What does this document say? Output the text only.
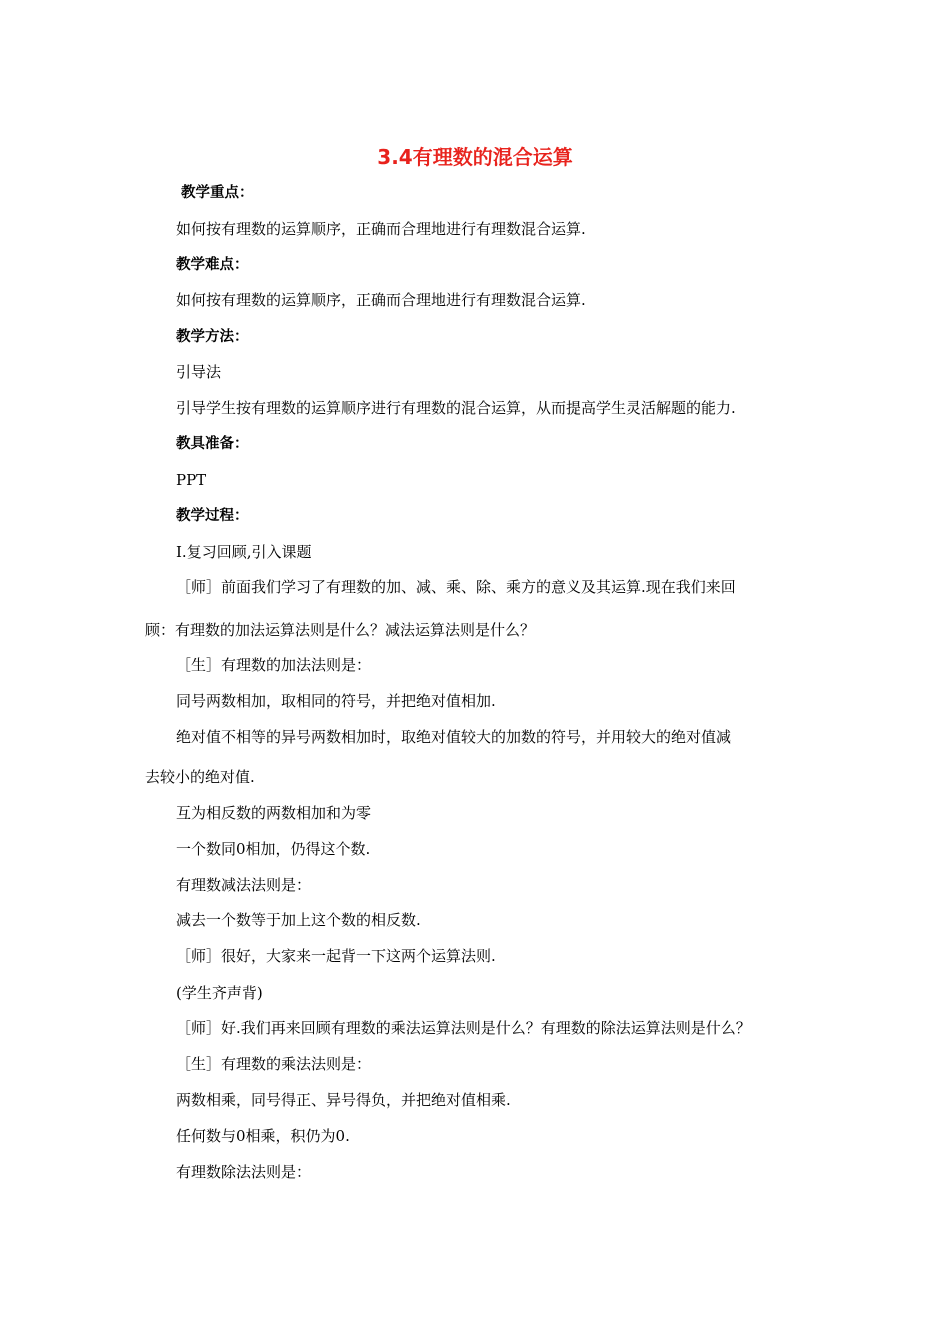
3.4有理数的混合运算
教学重点：
如何按有理数的运算顺序，正确而合理地进行有理数混合运算.
教学难点：
如何按有理数的运算顺序，正确而合理地进行有理数混合运算.
教学方法：
引导法
引导学生按有理数的运算顺序进行有理数的混合运算，从而提高学生灵活解题的能力.
教具准备：
PPT
教学过程：
Ⅰ.复习回顾,引入课题
［师］前面我们学习了有理数的加、减、乘、除、乘方的意义及其运算.现在我们来回
顾：有理数的加法运算法则是什么？减法运算法则是什么？
［生］有理数的加法法则是：
同号两数相加，取相同的符号，并把绝对值相加.
绝对值不相等的异号两数相加时，取绝对值较大的加数的符号，并用较大的绝对值减
去较小的绝对值.
互为相反数的两数相加和为零
一个数同0相加，仍得这个数.
有理数减法法则是：
减去一个数等于加上这个数的相反数.
［师］很好，大家来一起背一下这两个运算法则.
(学生齐声背)
［师］好.我们再来回顾有理数的乘法运算法则是什么？有理数的除法运算法则是什么？
［生］有理数的乘法法则是：
两数相乘，同号得正、异号得负，并把绝对值相乘.
任何数与0相乘，积仍为0.
有理数除法法则是：
